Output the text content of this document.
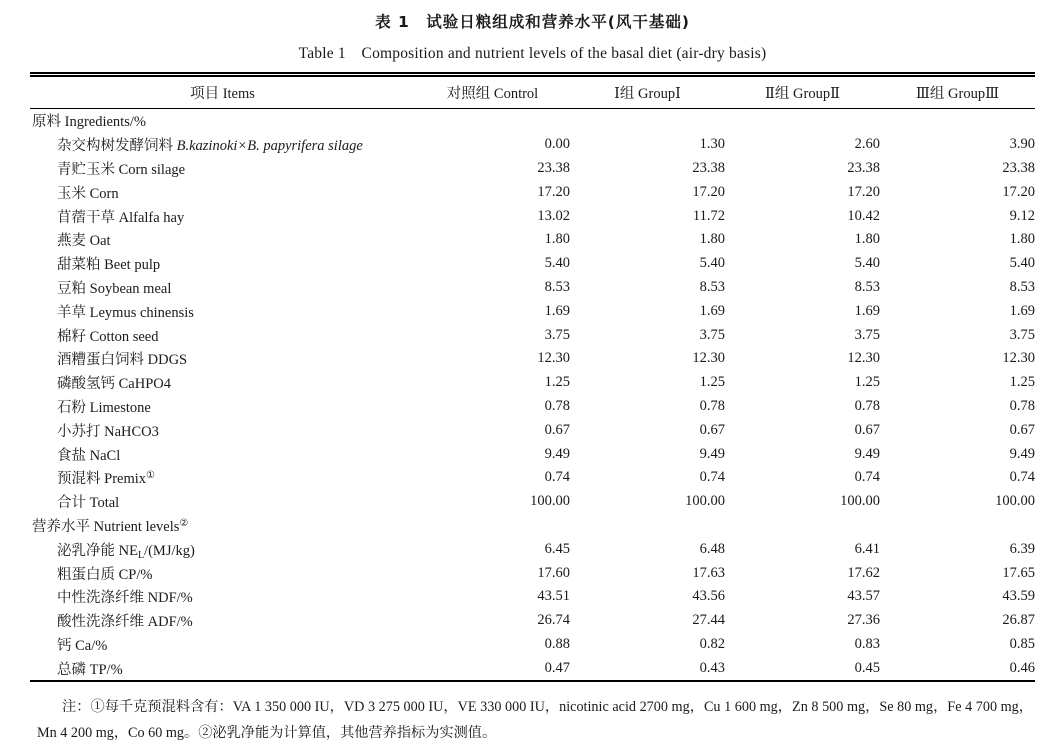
表 1　试验日粮组成和营养水平(风干基础)
Table 1　Composition and nutrient levels of the basal diet (air-dry basis)
项目 Items	对照组 Control	Ⅰ组 GroupⅠ	Ⅱ组 GroupⅡ	Ⅲ组 GroupⅢ
原料 Ingredients/%				
杂交构树发酵饲料 B.kazinoki×B. papyrifera silage	0.00	1.30	2.60	3.90
青贮玉米 Corn silage	23.38	23.38	23.38	23.38
玉米 Corn	17.20	17.20	17.20	17.20
苜蓿干草 Alfalfa hay	13.02	11.72	10.42	9.12
燕麦 Oat	1.80	1.80	1.80	1.80
甜菜粕 Beet pulp	5.40	5.40	5.40	5.40
豆粕 Soybean meal	8.53	8.53	8.53	8.53
羊草 Leymus chinensis	1.69	1.69	1.69	1.69
棉籽 Cotton seed	3.75	3.75	3.75	3.75
酒糟蛋白饲料 DDGS	12.30	12.30	12.30	12.30
磷酸氢钙 CaHPO4	1.25	1.25	1.25	1.25
石粉 Limestone	0.78	0.78	0.78	0.78
小苏打 NaHCO3	0.67	0.67	0.67	0.67
食盐 NaCl	9.49	9.49	9.49	9.49
预混料 Premix①	0.74	0.74	0.74	0.74
合计 Total	100.00	100.00	100.00	100.00
营养水平 Nutrient levels②				
泌乳净能 $NE_L/(MJ/kg)$	6.45	6.48	6.41	6.39
粗蛋白质 CP/%	17.60	17.63	17.62	17.65
中性洗涤纤维 NDF/%	43.51	43.56	43.57	43.59
酸性洗涤纤维 ADF/%	26.74	27.44	27.36	26.87
钙 Ca/%	0.88	0.82	0.83	0.85
总磷 TP/%	0.47	0.43	0.45	0.46
注：①每千克预混料含有：VA 1 350 000 IU，VD 3 275 000 IU，VE 330 000 IU，nicotinic acid 2700 mg，Cu 1 600 mg，Zn 8 500 mg，Se 80 mg，Fe 4 700 mg，Mn 4 200 mg，Co 60 mg。②泌乳净能为计算值，其他营养指标为实测值。
